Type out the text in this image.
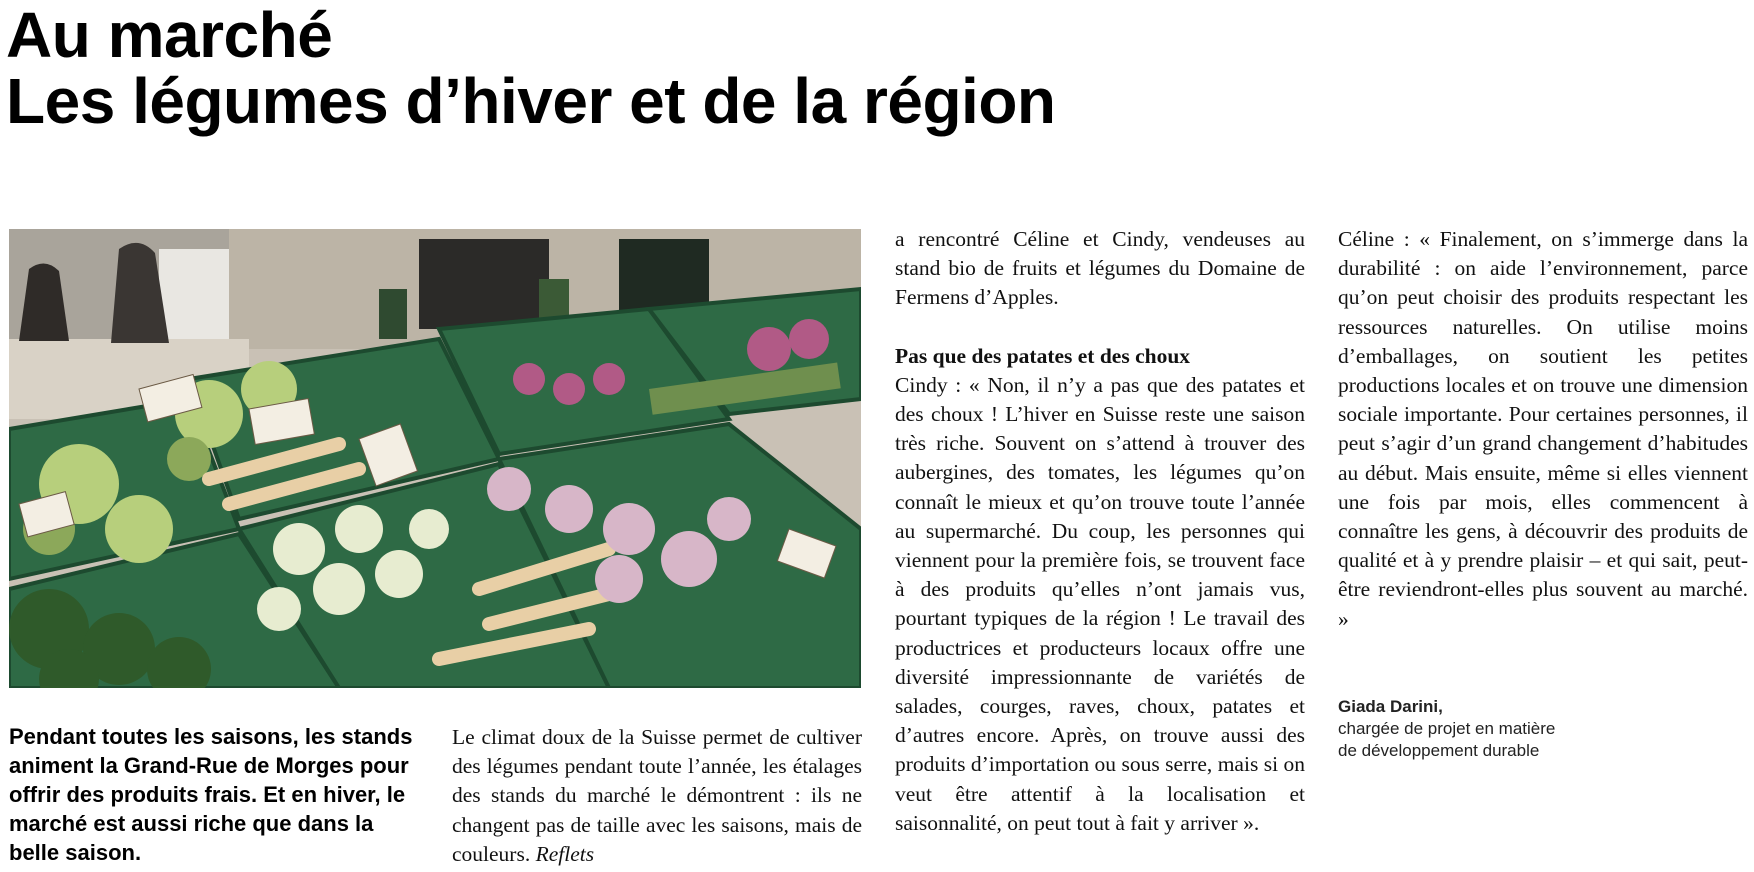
Au marché
Les légumes d’hiver et de la région

Pendant toutes les saisons, les stands animent la Grand-Rue de Morges pour offrir des produits frais. Et en hiver, le marché est aussi riche que dans la belle saison.

Le climat doux de la Suisse permet de cultiver des légumes pendant toute l’année, les étalages des stands du marché le démontrent : ils ne changent pas de taille avec les saisons, mais de couleurs. Reflets

a rencontré Céline et Cindy, vendeuses au stand bio de fruits et légumes du Domaine de Fermens d’Apples.

Pas que des patates et des choux

Cindy : « Non, il n’y a pas que des patates et des choux ! L’hiver en Suisse reste une saison très riche. Souvent on s’attend à trouver des aubergines, des tomates, les légumes qu’on connaît le mieux et qu’on trouve toute l’année au supermarché. Du coup, les personnes qui viennent pour la première fois, se trouvent face à des produits qu’elles n’ont jamais vus, pourtant typiques de la région ! Le travail des productrices et producteurs locaux offre une diversité impressionnante de variétés de salades, courges, raves, choux, patates et d’autres encore. Après, on trouve aussi des produits d’importation ou sous serre, mais si on veut être attentif à la localisation et saisonnalité, on peut tout à fait y arriver ».

Céline : « Finalement, on s’immerge dans la durabilité : on aide l’environnement, parce qu’on peut choisir des produits respectant les ressources naturelles. On utilise moins d’emballages, on soutient les petites productions locales et on trouve une dimension sociale importante. Pour certaines personnes, il peut s’agir d’un grand changement d’habitudes au début. Mais ensuite, même si elles viennent une fois par mois, elles commencent à connaître les gens, à découvrir des produits de qualité et à y prendre plaisir – et qui sait, peut-être reviendront-elles plus souvent au marché. »

Giada Darini,
chargée de projet en matière
de développement durable
